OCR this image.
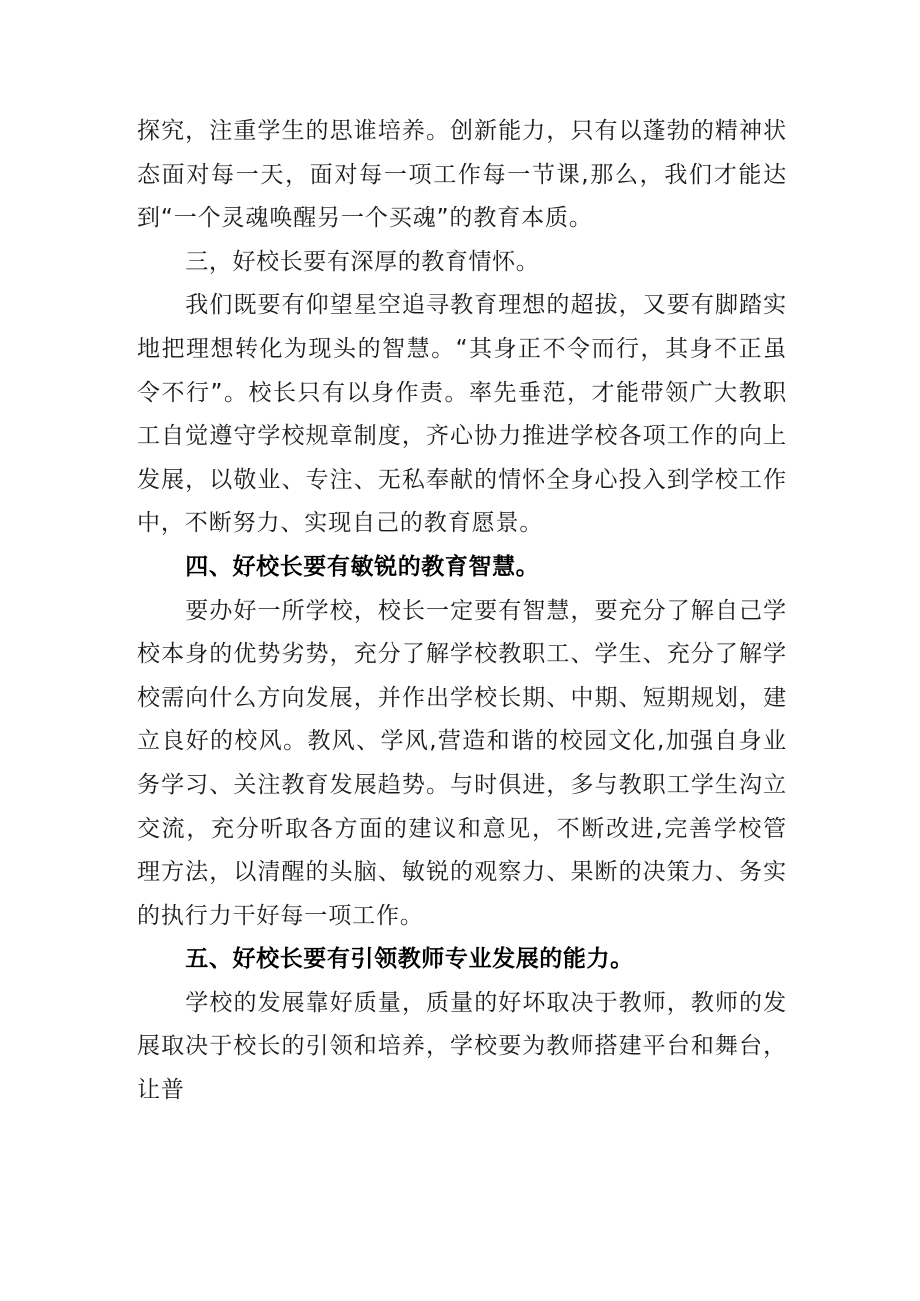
探究，注重学生的思谁培养。创新能力，只有以蓬勃的精神状态面对每一天，面对每一项工作每一节课,那么，我们才能达到“一个灵魂唤醒另一个买魂”的教育本质。

三，好校长要有深厚的教育情怀。

我们既要有仰望星空追寻教育理想的超拔，又要有脚踏实地把理想转化为现头的智慧。“其身正不令而行，其身不正虽令不行”。校长只有以身作责。率先垂范，才能带领广大教职工自觉遵守学校规章制度，齐心协力推进学校各项工作的向上发展，以敬业、专注、无私奉献的情怀全身心投入到学校工作中，不断努力、实现自己的教育愿景。

四、好校长要有敏锐的教育智慧。

要办好一所学校，校长一定要有智慧，要充分了解自己学校本身的优势劣势，充分了解学校教职工、学生、充分了解学校需向什么方向发展，并作出学校长期、中期、短期规划，建立良好的校风。教风、学风,营造和谐的校园文化,加强自身业务学习、关注教育发展趋势。与时俱进，多与教职工学生沟立交流，充分听取各方面的建议和意见，不断改进,完善学校管理方法，以清醒的头脑、敏锐的观察力、果断的决策力、务实的执行力干好每一项工作。

五、好校长要有引领教师专业发展的能力。

学校的发展靠好质量，质量的好坏取决于教师，教师的发展取决于校长的引领和培养，学校要为教师搭建平台和舞台，让普
